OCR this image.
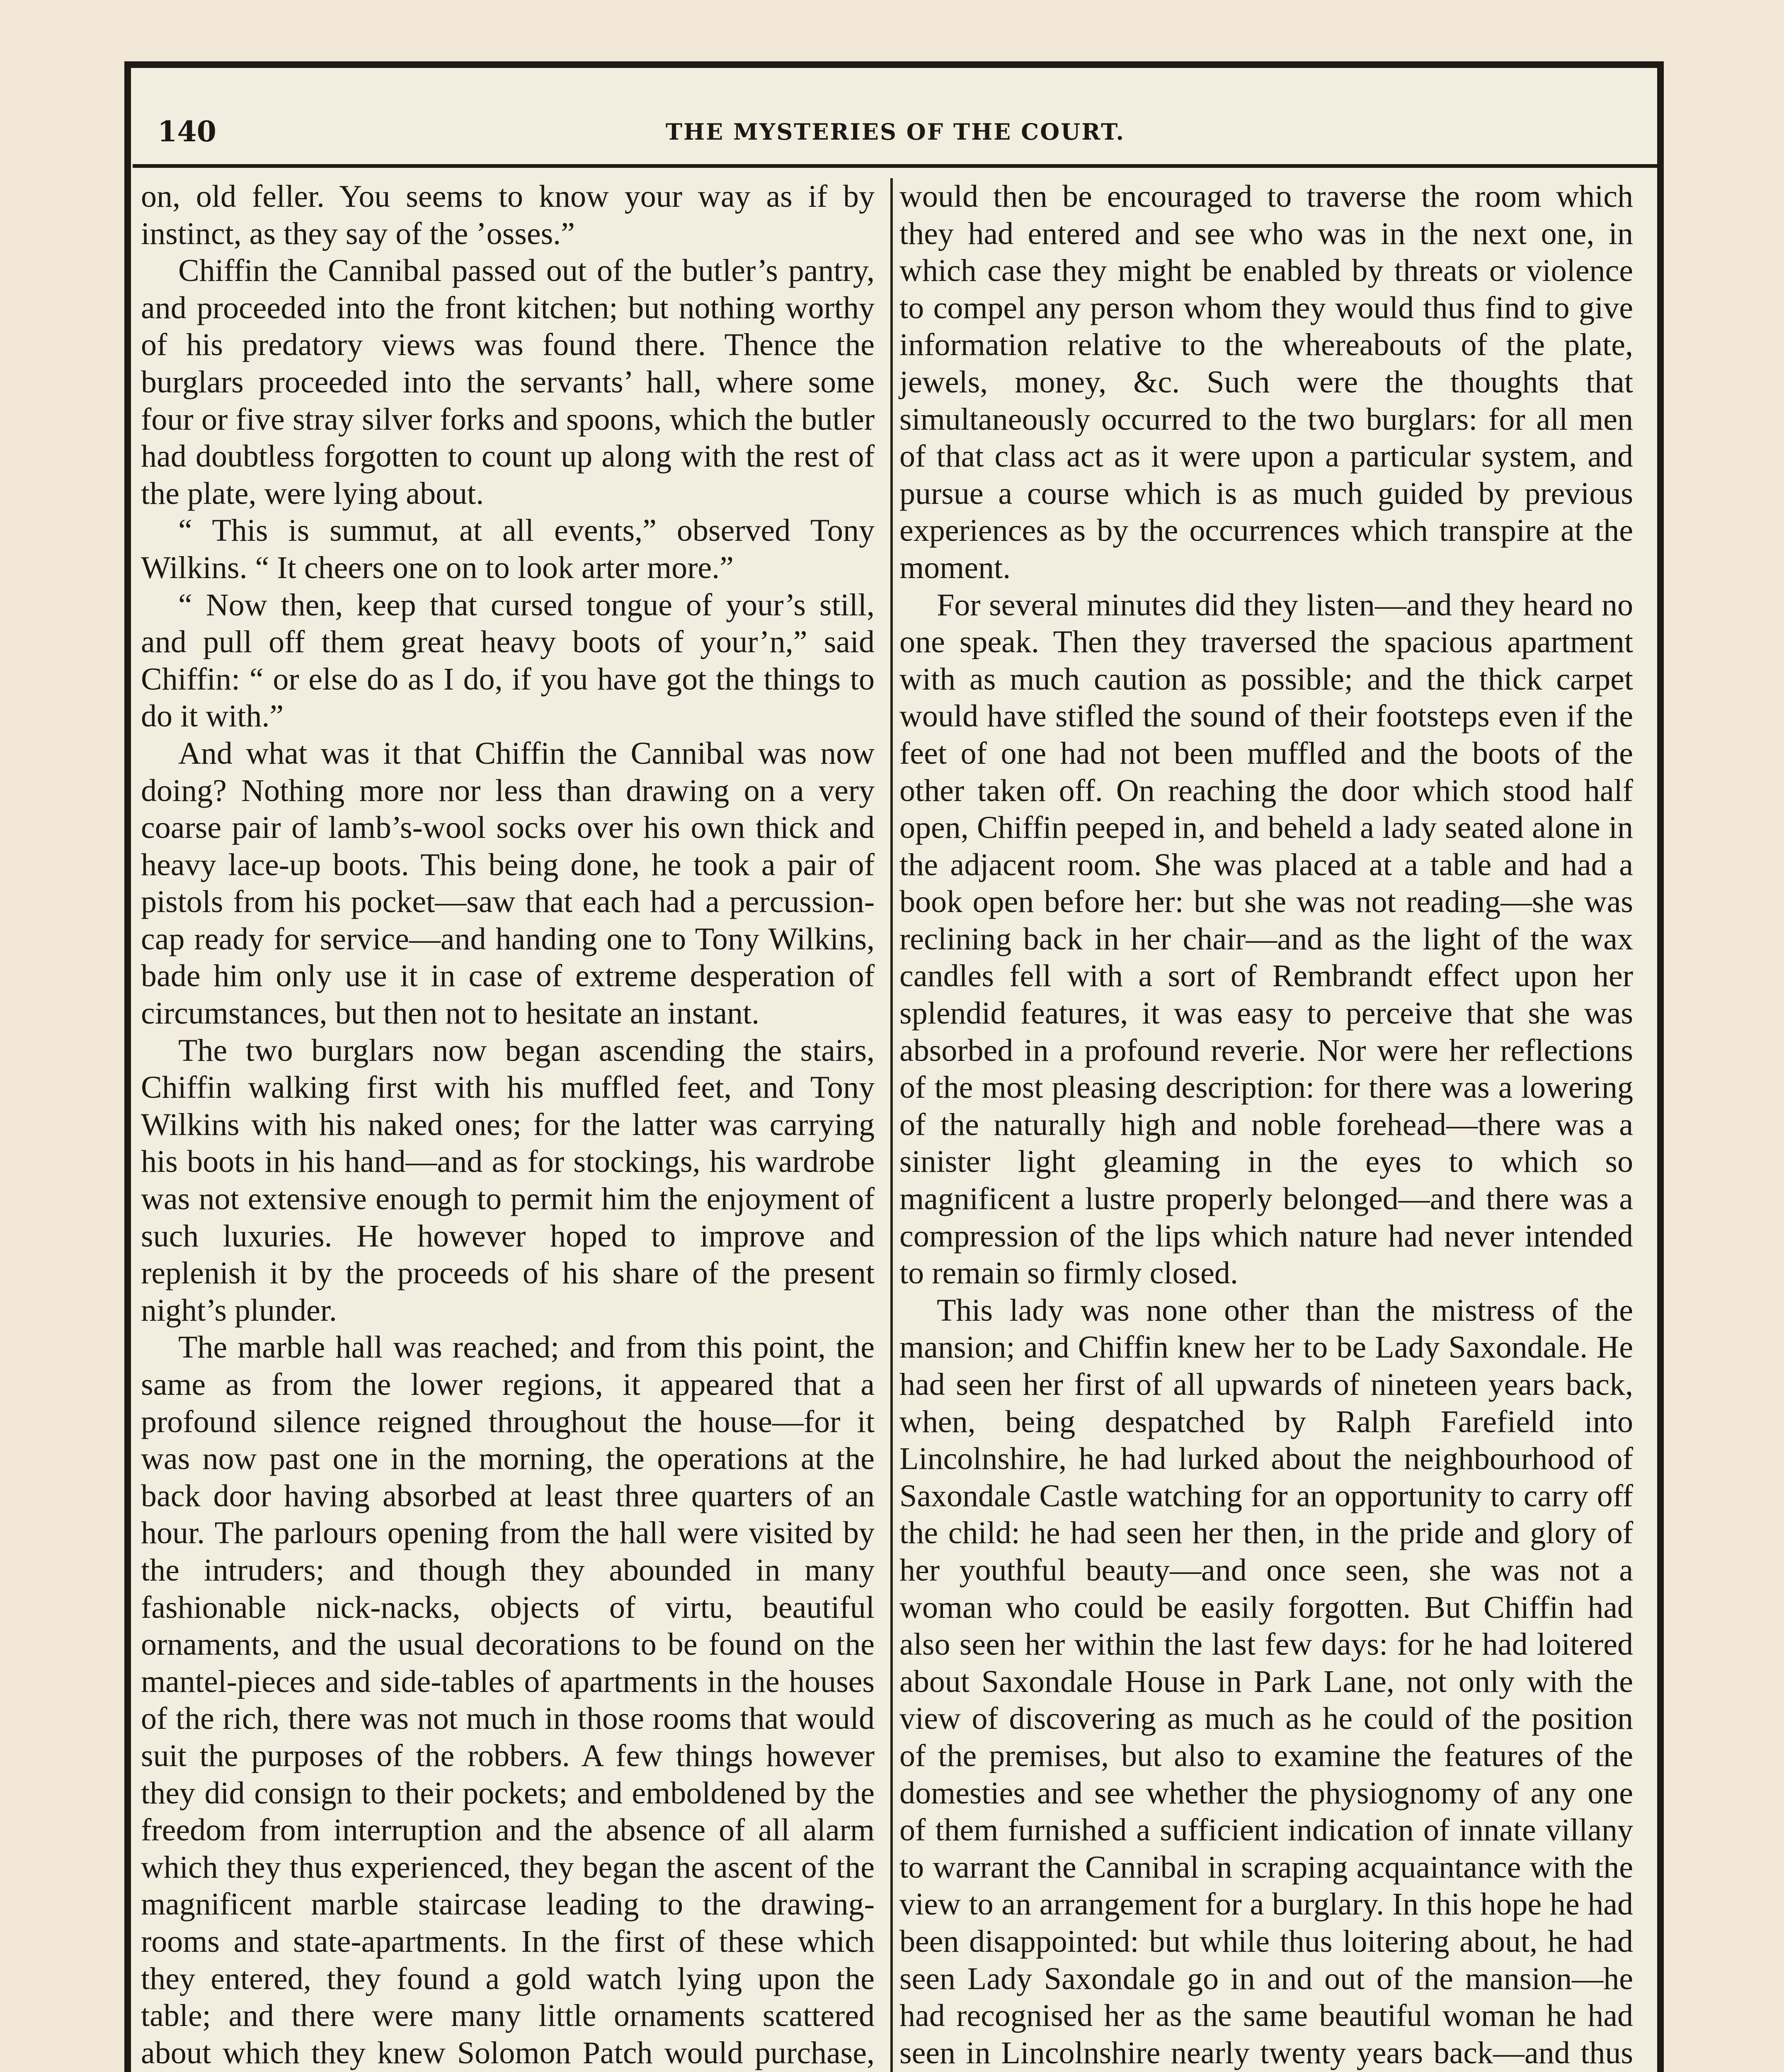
140	THE MYSTERIES OF THE COURT.

on, old feller. You seems to know your way as if by instinct, as they say of the ’osses.”

Chiffin the Cannibal passed out of the butler’s pantry, and proceeded into the front kitchen; but nothing worthy of his predatory views was found there. Thence the burglars proceeded into the servants’ hall, where some four or five stray silver forks and spoons, which the butler had doubtless forgotten to count up along with the rest of the plate, were lying about.

“ This is summut, at all events,” observed Tony Wilkins. “ It cheers one on to look arter more.”

“ Now then, keep that cursed tongue of your’s still, and pull off them great heavy boots of your’n,” said Chiffin: “ or else do as I do, if you have got the things to do it with.”

And what was it that Chiffin the Cannibal was now doing? Nothing more nor less than drawing on a very coarse pair of lamb’s-wool socks over his own thick and heavy lace-up boots. This being done, he took a pair of pistols from his pocket—saw that each had a percussion-cap ready for service—and handing one to Tony Wilkins, bade him only use it in case of extreme desperation of circumstances, but then not to hesitate an instant.

The two burglars now began ascending the stairs, Chiffin walking first with his muffled feet, and Tony Wilkins with his naked ones; for the latter was carrying his boots in his hand—and as for stockings, his wardrobe was not extensive enough to permit him the enjoyment of such luxuries. He however hoped to improve and replenish it by the proceeds of his share of the present night’s plunder.

The marble hall was reached; and from this point, the same as from the lower regions, it appeared that a profound silence reigned throughout the house—for it was now past one in the morning, the operations at the back door having absorbed at least three quarters of an hour. The parlours opening from the hall were visited by the intruders; and though they abounded in many fashionable nick-nacks, objects of virtu, beautiful ornaments, and the usual decorations to be found on the mantel-pieces and side-tables of apartments in the houses of the rich, there was not much in those rooms that would suit the purposes of the robbers. A few things however they did consign to their pockets; and emboldened by the freedom from interruption and the absence of all alarm which they thus experienced, they began the ascent of the magnificent marble staircase leading to the drawing-rooms and state-apartments. In the first of these which they entered, they found a gold watch lying upon the table; and there were many little ornaments scattered about which they knew Solomon Patch would purchase,

would then be encouraged to traverse the room which they had entered and see who was in the next one, in which case they might be enabled by threats or violence to compel any person whom they would thus find to give information relative to the whereabouts of the plate, jewels, money, &c. Such were the thoughts that simultaneously occurred to the two burglars: for all men of that class act as it were upon a particular system, and pursue a course which is as much guided by previous experiences as by the occurrences which transpire at the moment.

For several minutes did they listen—and they heard no one speak. Then they traversed the spacious apartment with as much caution as possible; and the thick carpet would have stifled the sound of their footsteps even if the feet of one had not been muffled and the boots of the other taken off. On reaching the door which stood half open, Chiffin peeped in, and beheld a lady seated alone in the adjacent room. She was placed at a table and had a book open before her: but she was not reading—she was reclining back in her chair—and as the light of the wax candles fell with a sort of Rembrandt effect upon her splendid features, it was easy to perceive that she was absorbed in a profound reverie. Nor were her reflections of the most pleasing description: for there was a lowering of the naturally high and noble forehead—there was a sinister light gleaming in the eyes to which so magnificent a lustre properly belonged—and there was a compression of the lips which nature had never intended to remain so firmly closed.

This lady was none other than the mistress of the mansion; and Chiffin knew her to be Lady Saxondale. He had seen her first of all upwards of nineteen years back, when, being despatched by Ralph Farefield into Lincolnshire, he had lurked about the neighbourhood of Saxondale Castle watching for an opportunity to carry off the child: he had seen her then, in the pride and glory of her youthful beauty—and once seen, she was not a woman who could be easily forgotten. But Chiffin had also seen her within the last few days: for he had loitered about Saxondale House in Park Lane, not only with the view of discovering as much as he could of the position of the premises, but also to examine the features of the domesties and see whether the physiognomy of any one of them furnished a sufficient indication of innate villany to warrant the Cannibal in scraping acquaintance with the view to an arrangement for a burglary. In this hope he had been disappointed: but while thus loitering about, he had seen Lady Saxondale go in and out of the mansion—he had recognised her as the same beautiful woman he had seen in Lincolnshire nearly twenty years back—and thus
